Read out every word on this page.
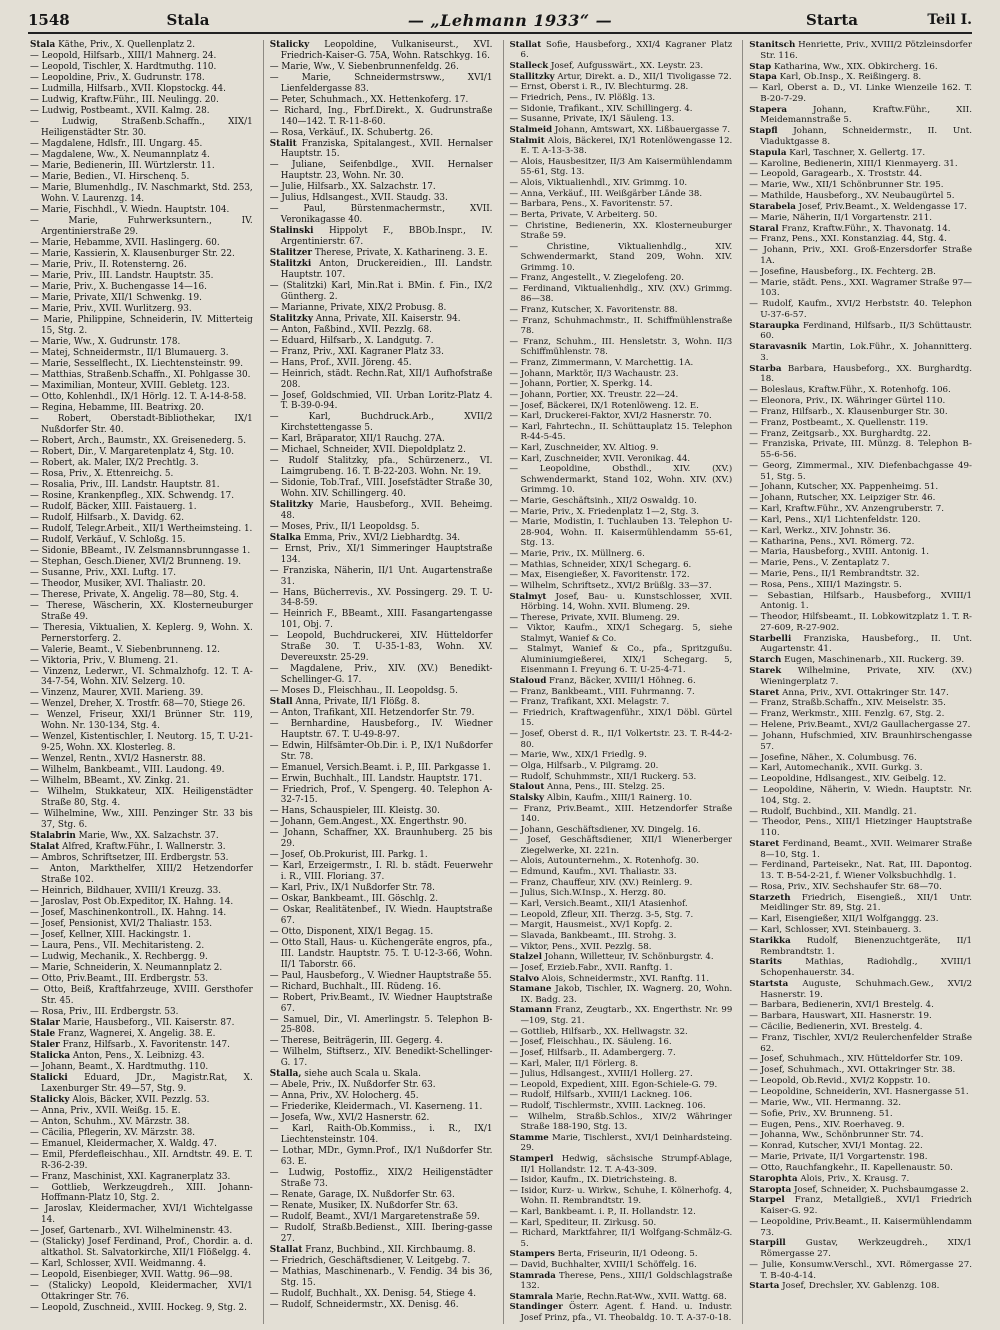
1548	Stala	— „Lehmann 1933“ —	Starta	Teil I.
Stala Käthe, Priv., X. Quellenplatz 2.
— Leopold, Hilfsarb., XIII/1 Mahnerg. 24.
— Leopold, Tischler, X. Hardtmuthg. 110.
— Leopoldine, Priv., X. Gudrunstr. 178.
— Ludmilla, Hilfsarb., XVII. Klopstockg. 44.
— Ludwig, Kraftw.Führ., III. Neulingg. 20.
— Ludwig, Postbeamt., XVII. Kalmg. 28.
— Ludwig, Straßenb.Schaffn., XIX/1 Heiligenstädter Str. 30.
— Magdalene, Hdlsfr., III. Ungarg. 45.
— Magdalene, Ww., X. Neumannplatz 4.
— Marie, Bedienerin, III. Würtzlerstr. 11.
— Marie, Bedien., VI. Hirschenq. 5.
— Marie, Blumenhdlg., IV. Naschmarkt, Std. 253, Wohn. V. Laurenzg. 14.
— Marie, Fischhdl., V. Wiedn. Hauptstr. 104.
— Marie, Fuhrwerksuntern., IV. Argentinierstraße 29.
— Marie, Hebamme, XVII. Haslingerg. 60.
— Marie, Kassierin, X. Klausenburger Str. 22.
— Marie, Priv., II. Rotensterng. 26.
— Marie, Priv., III. Landstr. Hauptstr. 35.
— Marie, Priv., X. Buchengasse 14—16.
— Marie, Private, XII/1 Schwenkg. 19.
— Marie, Priv., XVII. Wurlitzerg. 93.
— Marie, Philippine, Schneiderin, IV. Mitterteig 15, Stg. 2.
— Marie, Ww., X. Gudrunstr. 178.
— Matej, Schneidermstr., II/1 Blumauerg. 3.
— Marie, Sesselflecht., IX. Liechtensteinstr. 99.
— Matthias, Straßenb.Schaffn., XI. Pohlgasse 30.
— Maximilian, Monteur, XVIII. Gebletg. 123.
— Otto, Kohlenhdl., IX/1 Hörlg. 12. T. A-14-8-58.
— Regina, Hebamme, III. Beatrixg. 20.
— Robert, Oberstadt-Bibliothekar, IX/1 Nußdorfer Str. 40.
— Robert, Arch., Baumstr., XX. Greisenederg. 5.
— Robert, Dir., V. Margaretenplatz 4, Stg. 10.
— Robert, ak. Maler, IX/2 Prechtlg. 3.
— Rosa, Priv., X. Ettenreichg. 5.
— Rosalia, Priv., III. Landstr. Hauptstr. 81.
— Rosine, Krankenpfleg., XIX. Schwendg. 17.
— Rudolf, Bäcker, XIII. Faistauerg. 1.
— Rudolf, Hilfsarb., X. Davidg. 62.
— Rudolf, Telegr.Arbeit., XII/1 Wertheimsteing. 1.
— Rudolf, Verkäuf., V. Schloßg. 15.
— Sidonie, BBeamt., IV. Zelsmannsbrunngasse 1.
— Stephan, Gesch.Diener, XVI/2 Brunneng. 19.
— Susanne, Priv., XXI. Luftg. 17.
— Theodor, Musiker, XVI. Thaliastr. 20.
— Therese, Private, X. Angelig. 78—80, Stg. 4.
— Therese, Wäscherin, XX. Klosterneuburger Straße 49.
— Theresia, Viktualien, X. Keplerg. 9, Wohn. X. Pernerstorferg. 2.
— Valerie, Beamt., V. Siebenbrunneng. 12.
— Viktoria, Priv., V. Blumeng. 21.
— Vinzenz, Lederwr., VI. Schmalzhofg. 12. T. A-34-7-54, Wohn. XIV. Selzerg. 10.
— Vinzenz, Maurer, XVII. Marieng. 39.
— Wenzel, Dreher, X. Trostfr. 68—70, Stiege 26.
— Wenzel, Friseur, XXI/1 Brünner Str. 119, Wohn. Nr. 130-134, Stg. 4.
— Wenzel, Kistentischler, I. Neutorg. 15, T. U-21-9-25, Wohn. XX. Klosterleg. 8.
— Wenzel, Rentn., XVI/2 Hasnerstr. 88.
— Wilhelm, Bankbeamt., VIII. Laudong. 49.
— Wilhelm, BBeamt., XV. Zinkg. 21.
— Wilhelm, Stukkateur, XIX. Heiligenstädter Straße 80, Stg. 4.
— Wilhelmine, Ww., XIII. Penzinger Str. 33 bis 37, Stg. 6.
Stalabrin Marie, Ww., XX. Salzachstr. 37.
Stalat Alfred, Kraftw.Führ., I. Wallnerstr. 3.
— Ambros, Schriftsetzer, III. Erdbergstr. 53.
— Anton, Markthelfer, XIII/2 Hetzendorfer Straße 102.
— Heinrich, Bildhauer, XVIII/1 Kreuzg. 33.
— Jaroslav, Post Ob.Expeditor, IX. Hahng. 14.
— Josef, Maschinenkontroll., IX. Hahng. 14.
— Josef, Pensionist, XVI/2 Thaliastr. 153.
— Josef, Kellner, XIII. Hackingstr. 1.
— Laura, Pens., VII. Mechitaristeng. 2.
— Ludwig, Mechanik., X. Rechbergg. 9.
— Marie, Schneiderin, X. Neumannplatz 2.
— Otto, Priv.Beamt., III. Erdbergstr. 53.
— Otto, Beiß, Kraftfahrzeuge, XVIII. Gersthofer Str. 45.
— Rosa, Priv., III. Erdbergstr. 53.
Stalar Marie, Hausbeforg., VII. Kaiserstr. 87.
Stale Franz, Wagnerei, X. Angelig. 38. E.
Staler Franz, Hilfsarb., X. Favoritenstr. 147.
Stalicka Anton, Pens., X. Leibnizg. 43.
— Johann, Beamt., X. Hardtmuthg. 110.
Stalicki Eduard, JDr., Magistr.Rat, X. Laxenburger Str. 49—57, Stg. 9.
Stalicky Alois, Bäcker, XVII. Pezzlg. 53.
— Anna, Priv., XVII. Weißg. 15. E.
— Anton, Schuhm., XV. Märzstr. 38.
— Cäcilia, Pflegerin, XV. Märzstr. 38.
— Emanuel, Kleidermacher, X. Waldg. 47.
— Emil, Pferdefleischhau., XII. Arndtstr. 49. E. T. R-36-2-39.
— Franz, Maschinist, XXI. Kagranerplatz 33.
— Gottlieb, Werkzeugdreh., XIII. Johann-Hoffmann-Platz 10, Stg. 2.
— Jaroslav, Kleidermacher, XVI/1 Wichtelgasse 14.
— Josef, Gartenarb., XVI. Wilhelminenstr. 43.
— (Stalicky) Josef Ferdinand, Prof., Chordir. a. d. altkathol. St. Salvatorkirche, XII/1 Flößelgg. 4.
— Karl, Schlosser, XVII. Weidmanng. 4.
— Leopold, Eisenbieger, XVII. Wattg. 96—98.
— (Stalicky) Leopold, Kleidermacher, XVI/1 Ottakringer Str. 76.
— Leopold, Zuschneid., XVIII. Hockeg. 9, Stg. 2.
Stalicky Leopoldine, Vulkaniseurst., XVI. Friedrich-Kaiser-G. 75A, Wohn. Ratschkyg. 16.
— Marie, Ww., V. Siebenbrunnenfeldg. 26.
— Marie, Schneidermstrsww., XVI/1 Lienfeldergasse 83.
— Peter, Schuhmach., XX. Hettenkoferg. 17.
— Richard, Ing., Fbrf.Direkt., X. Gudrunstraße 140—142. T. R-11-8-60.
— Rosa, Verkäuf., IX. Schubertg. 26.
Stalit Franziska, Spitalangest., XVII. Hernalser Hauptstr. 15.
— Juliane, Seifenbdlge., XVII. Hernalser Hauptstr. 23, Wohn. Nr. 30.
— Julie, Hilfsarb., XX. Salzachstr. 17.
— Julius, Hdlsangest., XVII. Staudg. 33.
— Paul, Bürstenmachermstr., XVII. Veronikagasse 40.
Stalinski Hippolyt F., BBOb.Inspr., IV. Argentinierstr. 67.
Stalitzer Therese, Private, X. Katharineng. 3. E.
Stalitzki Anton, Druckereidien., III. Landstr. Hauptstr. 107.
— (Stalitzki) Karl, Min.Rat i. BMin. f. Fin., IX/2 Güntherg. 2.
— Marianne, Private, XIX/2 Probusg. 8.
Stalitzky Anna, Private, XII. Kaiserstr. 94.
— Anton, Faßbind., XVII. Pezzlg. 68.
— Eduard, Hilfsarb., X. Landgutg. 7.
— Franz, Priv., XXI. Kagraner Platz 33.
— Hans, Prof., XVII. Jöreng. 45.
— Heinrich, städt. Rechn.Rat, XII/1 Aufhofstraße 208.
— Josef, Goldschmied, VII. Urban Loritz-Platz 4. T. B-39-0-94.
— Karl, Buchdruck.Arb., XVII/2 Kirchstettengasse 5.
— Karl, Bräparator, XII/1 Rauchg. 27A.
— Michael, Schneider, XVII. Diepoldplatz 2.
— Rudolf Stalitzky, pfa., Schürzenerz., VI. Laimgrubeng. 16. T. B-22-203. Wohn. Nr. 19.
— Sidonie, Tob.Traf., VIII. Josefstädter Straße 30, Wohn. XIV. Schillingerg. 40.
Stalitzky Marie, Hausbeforg., XVII. Beheimg. 48.
— Moses, Priv., II/1 Leopoldsg. 5.
Stalka Emma, Priv., XVI/2 Liebhardtg. 34.
— Ernst, Priv., XI/1 Simmeringer Hauptstraße 134.
— Franziska, Näherin, II/1 Unt. Augartenstraße 31.
— Hans, Bücherrevis., XV. Possingerg. 29. T. U-34-8-59.
— Heinrich F., BBeamt., XIII. Fasangartengasse 101, Obj. 7.
— Leopold, Buchdruckerei, XIV. Hütteldorfer Straße 30. T. U-35-1-83, Wohn. XV. Devereuxstr. 25-29.
— Magdalene, Priv., XIV. (XV.) Benedikt-Schellinger-G. 17.
— Moses D., Fleischhau., II. Leopoldsg. 5.
Stall Anna, Private, II/1 Flößg. 8.
— Anton, Trafikant, XII. Hetzendorfer Str. 79.
— Bernhardine, Hausbeforg., IV. Wiedner Hauptstr. 67. T. U-49-8-97.
— Edwin, Hilfsämter-Ob.Dir. i. P., IX/1 Nußdorfer Str. 78.
— Emanuel, Versich.Beamt. i. P., III. Parkgasse 1.
— Erwin, Buchhalt., III. Landstr. Hauptstr. 171.
— Friedrich, Prof., V. Spengerg. 40. Telephon A-32-7-15.
— Hans, Schauspieler, III. Kleistg. 30.
— Johann, Gem.Angest., XX. Engerthstr. 90.
— Johann, Schaffner, XX. Braunhuberg. 25 bis 29.
— Josef, Ob.Prokurist, III. Parkg. 1.
— Karl, Erzeigermstr., I. Rl. b. städt. Feuerwehr i. R., VIII. Floriang. 37.
— Karl, Priv., IX/1 Nußdorfer Str. 78.
— Oskar, Bankbeamt., III. Göschlg. 2.
— Oskar, Realitätenbef., IV. Wiedn. Hauptstraße 67.
— Otto, Disponent, XIX/1 Begag. 15.
— Otto Stall, Haus- u. Küchengeräte engros, pfa., III. Landstr. Hauptstr. 75. T. U-12-3-66, Wohn. II/1 Taborstr. 66.
— Paul, Hausbeforg., V. Wiedner Hauptstraße 55.
— Richard, Buchhalt., III. Rüdeng. 16.
— Robert, Priv.Beamt., IV. Wiedner Hauptstraße 67.
— Samuel, Dir., VI. Amerlingstr. 5. Telephon B-25-808.
— Therese, Beiträgerin, III. Gegerg. 4.
— Wilhelm, Stiftserz., XIV. Benedikt-Schellinger-G. 17.
Stalla, siehe auch Scala u. Skala.
— Abele, Priv., IX. Nußdorfer Str. 63.
— Anna, Priv., XV. Holocherg. 45.
— Friederike, Kleidermach., VI. Kaserneng. 11.
— Josefa, Ww., XVI/2 Hasnerstr. 62.
— Karl, Raith-Ob.Kommiss., i. R., IX/1 Liechtensteinstr. 104.
— Lothar, MDr., Gymn.Prof., IX/1 Nußdorfer Str. 63. E.
— Ludwig, Postoffiz., XIX/2 Heiligenstädter Straße 73.
— Renate, Garage, IX. Nußdorfer Str. 63.
— Renate, Musiker, IX. Nußdorfer Str. 63.
— Rudolf, Beamt., XVI/1 Margaretenstraße 59.
— Rudolf, Straßb.Bedienst., XIII. Ibering-gasse 27.
Stallat Franz, Buchbind., XII. Kirchbaumg. 8.
— Friedrich, Geschäftsdiener, V. Leitgebg. 7.
— Mathias, Maschinenarb., V. Fendig. 34 bis 36, Stg. 15.
— Rudolf, Buchhalt., XX. Denisg. 54, Stiege 4.
— Rudolf, Schneidermstr., XX. Denisg. 46.
Stallat Sofie, Hausbeforg., XXI/4 Kagraner Platz 6.
Stalleck Josef, Aufgusswärt., XX. Leystr. 23.
Stallitzky Artur, Direkt. a. D., XII/1 Tivoligasse 72.
— Ernst, Oberst i. R., IV. Blechturmg. 28.
— Friedrich, Pens., IV. Plößlg. 13.
— Sidonie, Trafikant., XIV. Schillingerg. 4.
— Susanne, Private, IX/1 Säuleng. 13.
Stalmeid Johann, Amtswart, XX. Lißbauergasse 7.
Stalmit Alois, Bäckerei, IX/1 Rotenlöwengasse 12. E. T. A-13-3-38.
— Alois, Hausbesitzer, II/3 Am Kaisermühlendamm 55-61, Stg. 13.
— Alois, Viktualienhdl., XIV. Grimmg. 10.
— Anna, Verkäuf., III. Weißgärber Lände 38.
— Barbara, Pens., X. Favoritenstr. 57.
— Berta, Private, V. Arbeiterg. 50.
— Christine, Bedienerin, XX. Klosterneuburger Straße 59.
— Christine, Viktualienhdlg., XIV. Schwendermarkt, Stand 209, Wohn. XIV. Grimmg. 10.
— Franz, Angestellt., V. Ziegelofeng. 20.
— Ferdinand, Viktualienhdlg., XIV. (XV.) Grimmg. 86—38.
— Franz, Kutscher, X. Favoritenstr. 88.
— Franz, Schuhmachmstr., II. Schiffmühlenstraße 78.
— Franz, Schuhm., III. Hensletstr. 3, Wohn. II/3 Schiffmühlenstr. 78.
— Franz, Zimmermann, V. Marchettig. 1A.
— Johann, Marktör, II/3 Wachaustr. 23.
— Johann, Portier, X. Sperkg. 14.
— Johann, Portier, XX. Treustr. 22—24.
— Josef, Bäckerei, IX/1 Rotenlöweng. 12. E.
— Karl, Druckerei-Faktor, XVI/2 Hasnerstr. 70.
— Karl, Fahrtechn., II. Schüttauplatz 15. Telephon R-44-5-45.
— Karl, Zuschneider, XV. Altiog. 9.
— Karl, Zuschneider, XVII. Veronikag. 44.
— Leopoldine, Obsthdl., XIV. (XV.) Schwendermarkt, Stand 102, Wohn. XIV. (XV.) Grimmg. 10.
— Marie, Geschäftsinh., XII/2 Oswaldg. 10.
— Marie, Priv., X. Friedenplatz 1—2, Stg. 3.
— Marie, Modistin, I. Tuchlauben 13. Telephon U-28-904, Wohn. II. Kaisermühlendamm 55-61, Stg. 13.
— Marie, Priv., IX. Müllnerg. 6.
— Mathias, Schneider, XIX/1 Schegarg. 6.
— Max, Eisengießer, X. Favoritenstr. 172.
— Wilhelm, Schriftsetz., XVI/2 Brüßlg. 33—37.
Stalmyt Josef, Bau- u. Kunstschlosser, XVII. Hörbing. 14, Wohn. XVII. Blumeng. 29.
— Therese, Private, XVII. Blumeng. 29.
— Viktor, Kaufm., XIX/1 Schegarg. 5, siehe Stalmyt, Wanief & Co.
— Stalmyt, Wanief & Co., pfa., Spritzgußu. Aluminiumgießerei, XIX/1 Schegarg. 5, Eisenmann I. Freyung 6. T. U-25-4-71.
Staloud Franz, Bäcker, XVIII/1 Höhneg. 6.
— Franz, Bankbeamt., VIII. Fuhrmanng. 7.
— Franz, Trafikant, XXI. Melagstr. 7.
— Friedrich, Kraftwagenführ., XIX/1 Döbl. Gürtel 15.
— Josef, Oberst d. R., II/1 Volkertstr. 23. T. R-44-2-80.
— Marie, Ww., XIX/1 Friedlg. 9.
— Olga, Hilfsarb., V. Pilgramg. 20.
— Rudolf, Schuhmmstr., XII/1 Ruckerg. 53.
Stalout Anna, Pens., III. Stelzg. 25.
Stalsky Albin, Kaufm., XIII/1 Rainerg. 10.
— Franz, Priv.Beamt., XIII. Hetzendorfer Straße 140.
— Johann, Geschäftsdiener, XV. Dingelg. 16.
— Josef, Geschäftsdiener, XII/1 Wienerberger Ziegelwerke, XI. 221n.
— Alois, Autounternehm., X. Rotenhofg. 30.
— Edmund, Kaufm., XVI. Thaliastr. 33.
— Franz, Chauffeur, XIV. (XV.) Reinlerg. 9.
— Julius, Sich.W.Insp., X. Herzg. 80.
— Karl, Versich.Beamt., XII/1 Atasienhof.
— Leopold, Zfleur, XII. Therzg. 3-5, Stg. 7.
— Margit, Hausmeist., XV/1 Kopfg. 2.
— Slavada, Bankbeamt., III. Strohg. 3.
— Viktor, Pens., XVII. Pezzlg. 58.
Stalzel Johann, Willetteur, IV. Schönburgstr. 4.
— Josef, Erzieb.Fabr., XVII. Ranftg. 1.
Stalvo Alois, Schneidermstr., XVI. Ranftg. 11.
Stamane Jakob, Tischler, IX. Wagnerg. 20, Wohn. IX. Badg. 23.
Stamann Franz, Zeugtarb., XX. Engerthstr. Nr. 99—109, Stg. 21.
— Gottlieb, Hilfsarb., XX. Hellwagstr. 32.
— Josef, Fleischhau., IX. Säuleng. 16.
— Josef, Hilfsarb., II. Adambergerg. 7.
— Karl, Maler, II/1 Förlerg. 8.
— Julius, Hdlsangest., XVIII/1 Hollerg. 27.
— Leopold, Expedient, XIII. Egon-Schiele-G. 79.
— Rudolf, Hilfsarb., XVIII/1 Lackneg. 106.
— Rudolf, Tischlermstr., XVIII. Lackneg. 106.
— Wilhelm, Straßb.Schlos., XIV/2 Währinger Straße 188-190, Stg. 13.
Stamme Marie, Tischlerst., XVI/1 Deinhardsteing. 29.
Stamperl Hedwig, sächsische Strumpf-Ablage, II/1 Hollandstr. 12. T. A-43-309.
— Isidor, Kaufm., IX. Dietrichsteing. 8.
— Isidor, Kurz- u. Wirkw., Schuhe, I. Kölnerhofg. 4, Wohn. II. Rembrandtstr. 19.
— Karl, Bankbeamt. i. P., II. Hollandstr. 12.
— Karl, Spediteur, II. Zirkusg. 50.
— Richard, Marktfahrer, II/1 Wolfgang-Schmälz-G. 5.
Stampers Berta, Friseurin, II/1 Odeong. 5.
— David, Buchhalter, XVIII/1 Schöffelg. 16.
Stamrada Therese, Pens., XIII/1 Goldschlagstraße 132.
Stamrala Marie, Rechn.Rat-Ww., XVII. Wattg. 68.
Standinger Österr. Agent. f. Hand. u. Industr. Josef Prinz, pfa., VI. Theobaldg. 10. T. A-37-0-18.
Stanitsch Henriette, Priv., XVIII/2 Pötzleinsdorfer Str. 116.
Stap Katharina, Ww., XIX. Obkircherg. 16.
Stapa Karl, Ob.Insp., X. Reißingerg. 8.
— Karl, Oberst a. D., VI. Linke Wienzeile 162. T. B-20-7-29.
Stapera	Johann, Kraftw.Führ., XII. Meidemannstraße 5.
Stapfl Johann, Schneidermstr., II. Unt. Viaduktgasse 8.
Stapula Karl, Taschner, X. Gellertg. 17.
— Karoline, Bedienerin, XIII/1 Kienmayerg. 31.
— Leopold, Garagearb., X. Troststr. 44.
— Marie, Ww., XII/1 Schönbrunner Str. 195.
— Mathilde, Hausbeforg., XV. Neubaugürtel 5.
Starabela Josef, Priv.Beamt., X. Weldengasse 17.
— Marie, Näherin, II/1 Vorgartenstr. 211.
Staral Franz, Kraftw.Führ., X. Thavonatg. 14.
— Franz, Pens., XXI. Konstanziag. 44, Stg. 4.
— Johann, Priv., XXI. Groß-Enzersdorfer Straße 1A.
— Josefine, Hausbeforg., IX. Fechterg. 2B.
— Marie, städt. Pens., XXI. Wagramer Straße 97—103.
— Rudolf, Kaufm., XVI/2 Herbststr. 40. Telephon U-37-6-57.
Staraupka Ferdinand, Hilfsarb., II/3 Schüttaustr. 60.
Staravasnik Martin, Lok.Führ., X. Johannitterg. 3.
Starba Barbara, Hausbeforg., XX. Burghardtg. 18.
— Boleslaus, Kraftw.Führ., X. Rotenhofg. 106.
— Eleonora, Priv., IX. Währinger Gürtel 110.
— Franz, Hilfsarb., X. Klausenburger Str. 30.
— Franz, Postbeamt., X. Quellenstr. 119.
— Franz, Zeitgsarb., XX. Burghardtg. 22.
— Franziska, Private, III. Münzg. 8. Telephon B-55-6-56.
— Georg, Zimmermal., XIV. Diefenbachgasse 49-51, Stg. 5.
— Johann, Kutscher, XX. Pappenheimg. 51.
— Johann, Rutscher, XX. Leipziger Str. 46.
— Karl, Kraftw.Führ., XV. Anzengruberstr. 7.
— Karl, Pens., XI/1 Lichtenfeldstr. 120.
— Karl, Werkz., XIV. Johnstr. 36.
— Katharina, Pens., XVI. Römerg. 72.
— Maria, Hausbeforg., XVIII. Antonig. 1.
— Marie, Pens., V. Zentaplatz 7.
— Marie, Pens., II/1 Rembrandtstr. 32.
— Rosa, Pens., XIII/1 Mazingstr. 5.
— Sebastian, Hilfsarb., Hausbeforg., XVIII/1 Antonig. 1.
— Theodor, Hilfsbeamt., II. Lobkowitzplatz 1. T. R-27-609, R-27-902.
Starbelli Franziska, Hausbeforg., II. Unt. Augartenstr. 41.
Starch Eugen, Maschinenarb., XII. Ruckerg. 39.
Starek Wilhelmine, Private, XIV. (XV.) Wieningerplatz 7.
Staret Anna, Priv., XVI. Ottakringer Str. 147.
— Franz, Straßb.Schaffn., XIV. Meiselstr. 35.
— Franz, Werkmstr., XIII. Fenzlg. 67, Stg. 2.
— Helene, Priv.Beamt., XVI/2 Gaullachergasse 27.
— Johann, Hufschmied, XIV. Braunhirschengasse 57.
— Josefine, Näher., X. Columbusg. 76.
— Karl, Automechanik., XVII. Gurkg. 3.
— Leopoldine, Hdlsangest., XIV. Geibelg. 12.
— Leopoldine, Näherin, V. Wiedn. Hauptstr. Nr. 104, Stg. 2.
— Rudolf, Buchbind., XII. Mandlg. 21.
— Theodor, Pens., XIII/1 Hietzinger Hauptstraße 110.
Staret Ferdinand, Beamt., XVII. Weimarer Straße 8—10, Stg. 1.
— Ferdinand, Parteisekr., Nat. Rat, III. Dapontog. 13. T. B-54-2-21, f. Wiener Volksbuchhdlg. 1.
— Rosa, Priv., XIV. Sechshaufer Str. 68—70.
Starzeth Friedrich, Eisengieß., XII/1 Untr. Meidlinger Str. 89, Stg. 21.
— Karl, Eisengießer, XII/1 Wolfganggg. 23.
— Karl, Schlosser, XVI. Steinbauerg. 3.
Starikka Rudolf, Bienenzuchtgeräte, II/1 Rembrandtstr. 1.
Starits	Mathias, Radiohdlg., XVIII/1 Schopenhauerstr. 34.
Startsta Auguste, Schuhmach.Gew., XVI/2 Hasnerstr. 19.
— Barbara, Bedienerin, XVI/1 Brestelg. 4.
— Barbara, Hauswart, XII. Hasnerstr. 19.
— Cäcilie, Bedienerin, XVI. Brestelg. 4.
— Franz, Tischler, XVI/2 Reulerchenfelder Straße 62.
— Josef, Schuhmach., XIV. Hütteldorfer Str. 109.
— Josef, Schuhmach., XVI. Ottakringer Str. 38.
— Leopold, Ob.Revid., XVI/2 Koppstr. 10.
— Leopoldine, Schneiderin, XVI. Hasnergasse 51.
— Marie, Ww., VII. Hermanng. 32.
— Sofie, Priv., XV. Brunneng. 51.
— Eugen, Pens., XIV. Roerhaveg. 9.
— Johanna, Ww., Schönbrunner Str. 74.
— Konrad, Kutscher, XVI/1 Montag. 22.
— Marie, Private, II/1 Vorgartenstr. 198.
— Otto, Rauchfangkehr., II. Kapellenaustr. 50.
Starophta Alois, Priv., X. Krausg. 7.
Staropta Josef, Schneider, X. Puchsbaumgasse 2.
Starpel Franz, Metallgieß., XVI/1 Friedrich Kaiser-G. 92.
— Leopoldine, Priv.Beamt., II. Kaisermühlendamm 73.
Starpill Gustav, Werkzeugdreh., XIX/1 Römergasse 27.
— Julie, Konsumw.Verschl., XVI. Römergasse 27. T. B-40-4-14.
Starta Josef, Drechsler, XV. Gablenzg. 108.
